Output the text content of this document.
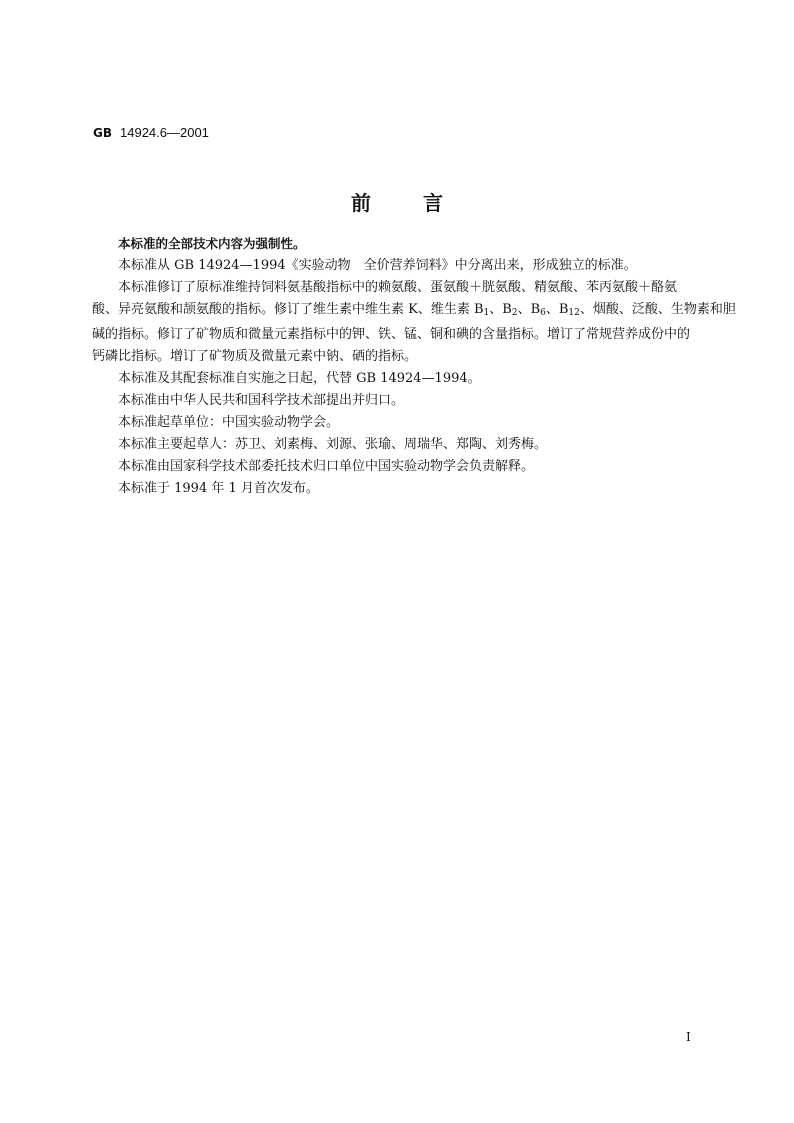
GB 14924.6—2001
前	言

本标准的全部技术内容为强制性。

本标准从 GB 14924—1994《实验动物　全价营养饲料》中分离出来，形成独立的标准。

本标准修订了原标准维持饲料氨基酸指标中的赖氨酸、蛋氨酸＋胱氨酸、精氨酸、苯丙氨酸＋酪氨

酸、异亮氨酸和颉氨酸的指标。修订了维生素中维生素 K、维生素 $B_1$、$B_2$、$B_6$、$B_{12}$、烟酸、泛酸、生物素和胆

碱的指标。修订了矿物质和微量元素指标中的钾、铁、锰、铜和碘的含量指标。增订了常规营养成份中的

钙磷比指标。增订了矿物质及微量元素中钠、硒的指标。

本标准及其配套标准自实施之日起，代替 GB 14924—1994。

本标准由中华人民共和国科学技术部提出并归口。

本标准起草单位：中国实验动物学会。

本标准主要起草人：苏卫、刘素梅、刘源、张瑜、周瑞华、郑陶、刘秀梅。

本标准由国家科学技术部委托技术归口单位中国实验动物学会负责解释。

本标准于 1994 年 1 月首次发布。

I
